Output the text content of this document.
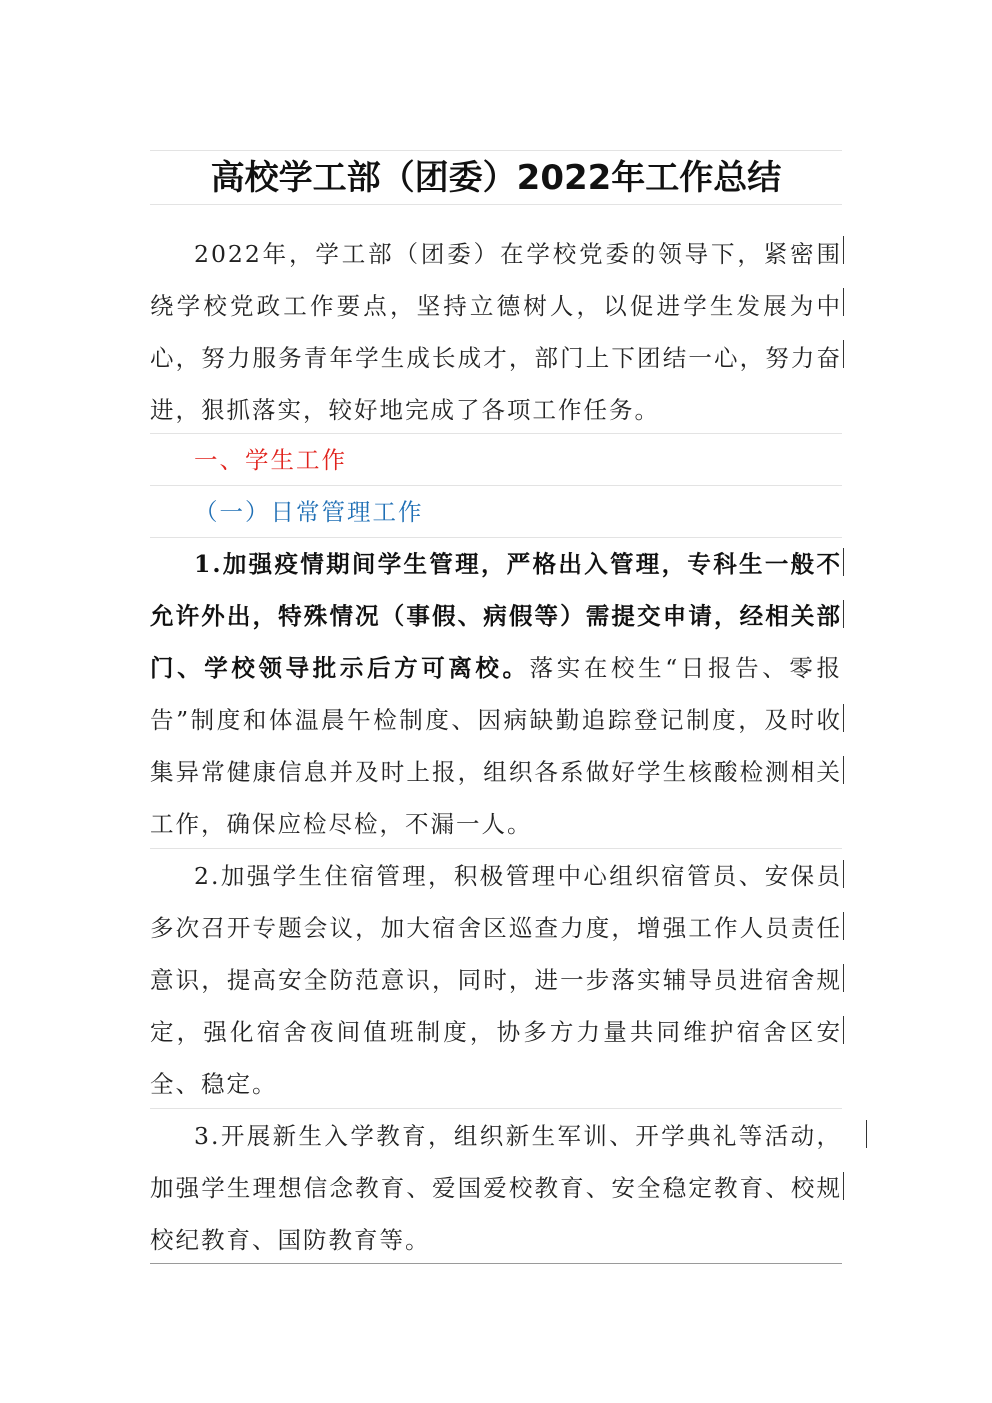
高校学工部（团委）2022年工作总结

2022年，学工部（团委）在学校党委的领导下，紧密围绕学校党政工作要点，坚持立德树人，以促进学生发展为中心，努力服务青年学生成长成才，部门上下团结一心，努力奋进，狠抓落实，较好地完成了各项工作任务。

一、学生工作

（一）日常管理工作

1.加强疫情期间学生管理，严格出入管理，专科生一般不允许外出，特殊情况（事假、病假等）需提交申请，经相关部门、学校领导批示后方可离校。落实在校生“日报告、零报告”制度和体温晨午检制度、因病缺勤追踪登记制度，及时收集异常健康信息并及时上报，组织各系做好学生核酸检测相关工作，确保应检尽检，不漏一人。

2.加强学生住宿管理，积极管理中心组织宿管员、安保员多次召开专题会议，加大宿舍区巡查力度，增强工作人员责任意识，提高安全防范意识，同时，进一步落实辅导员进宿舍规定，强化宿舍夜间值班制度，协多方力量共同维护宿舍区安全、稳定。

3.开展新生入学教育，组织新生军训、开学典礼等活动，加强学生理想信念教育、爱国爱校教育、安全稳定教育、校规校纪教育、国防教育等。
